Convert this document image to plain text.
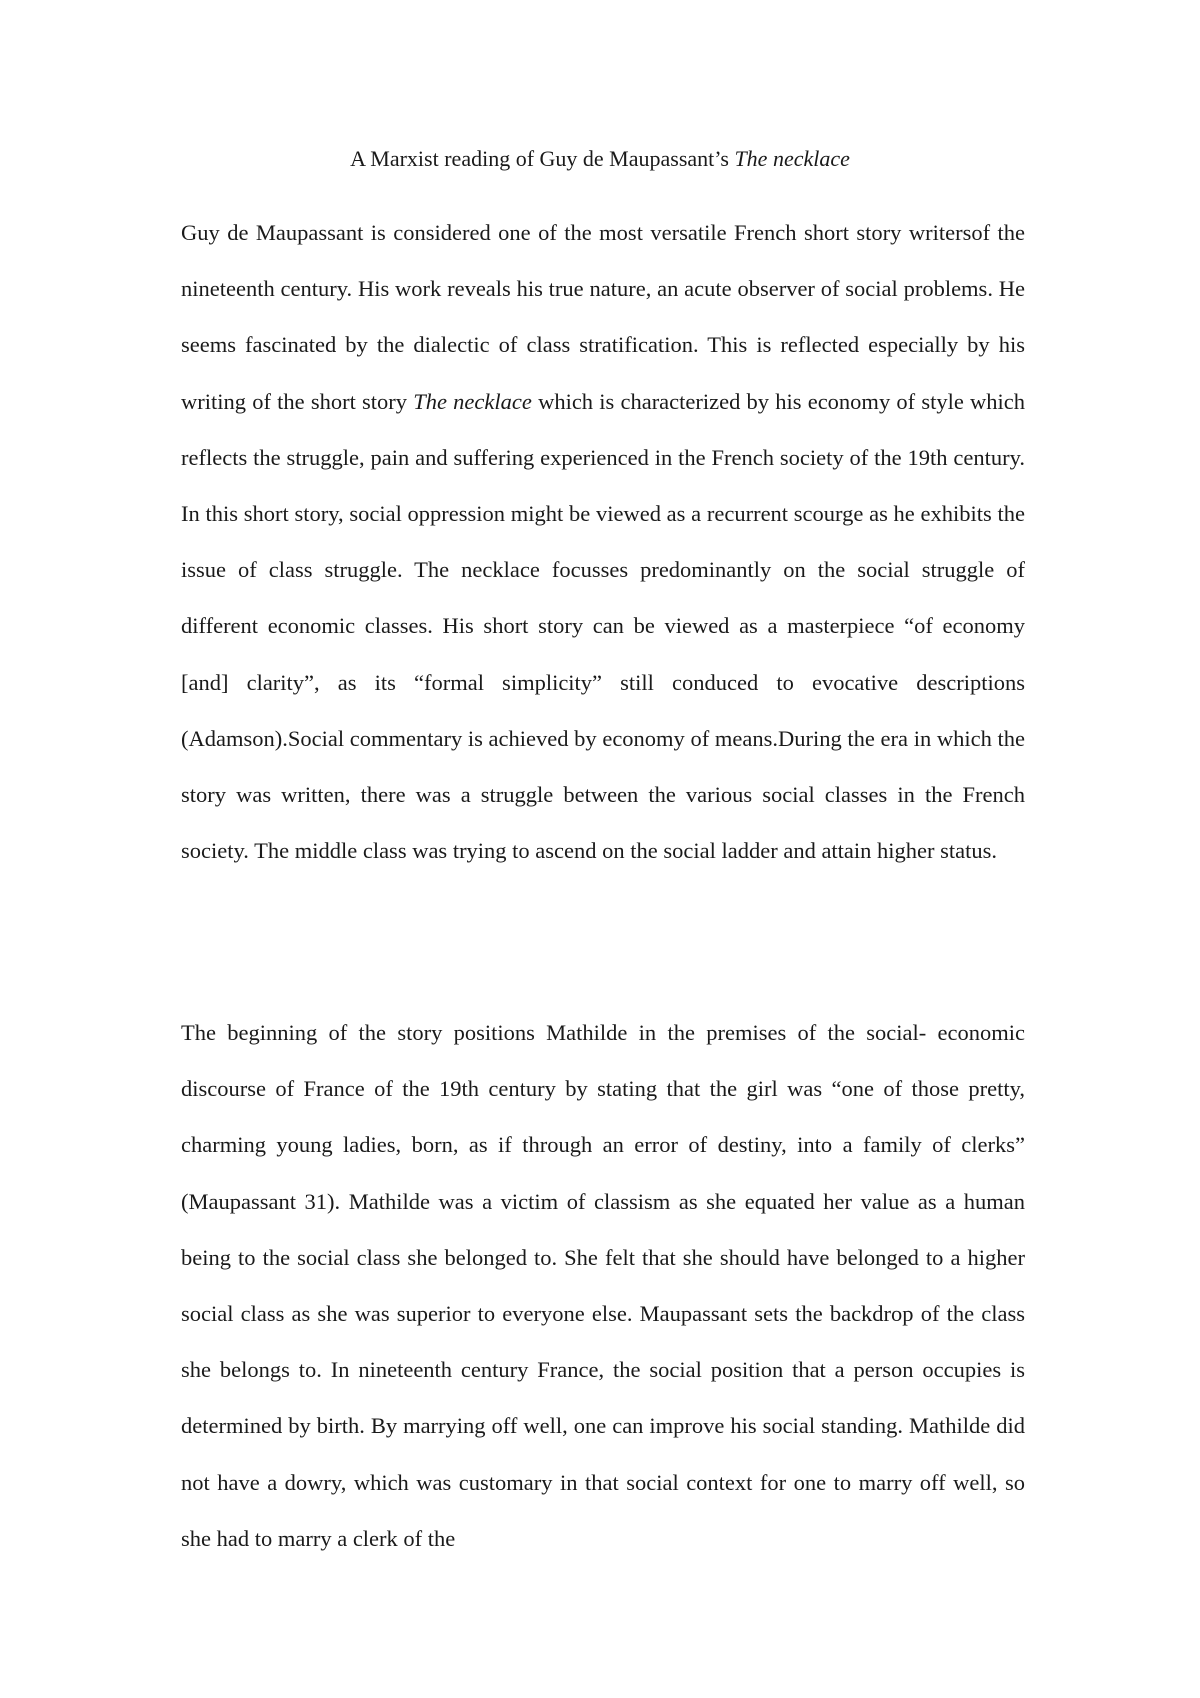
A Marxist reading of Guy de Maupassant’s The necklace
Guy de Maupassant is considered one of the most versatile French short story writersof the nineteenth century. His work reveals his true nature, an acute observer of social problems. He seems fascinated by the dialectic of class stratification. This is reflected especially by his writing of the short story The necklace which is characterized by his economy of style which reflects the struggle, pain and suffering experienced in the French society of the 19th century. In this short story, social oppression might be viewed as a recurrent scourge as he exhibits the issue of class struggle. The necklace focusses predominantly on the social struggle of different economic classes. His short story can be viewed as a masterpiece “of economy [and] clarity”, as its “formal simplicity” still conduced to evocative descriptions (Adamson).Social commentary is achieved by economy of means.During the era in which the story was written, there was a struggle between the various social classes in the French society. The middle class was trying to ascend on the social ladder and attain higher status.
The beginning of the story positions Mathilde in the premises of the social- economic discourse of France of the 19th century by stating that the girl was “one of those pretty, charming young ladies, born, as if through an error of destiny, into a family of clerks” (Maupassant 31). Mathilde was a victim of classism as she equated her value as a human being to the social class she belonged to. She felt that she should have belonged to a higher social class as she was superior to everyone else. Maupassant sets the backdrop of the class she belongs to. In nineteenth century France, the social position that a person occupies is determined by birth. By marrying off well, one can improve his social standing. Mathilde did not have a dowry, which was customary in that social context for one to marry off well, so she had to marry a clerk of the
